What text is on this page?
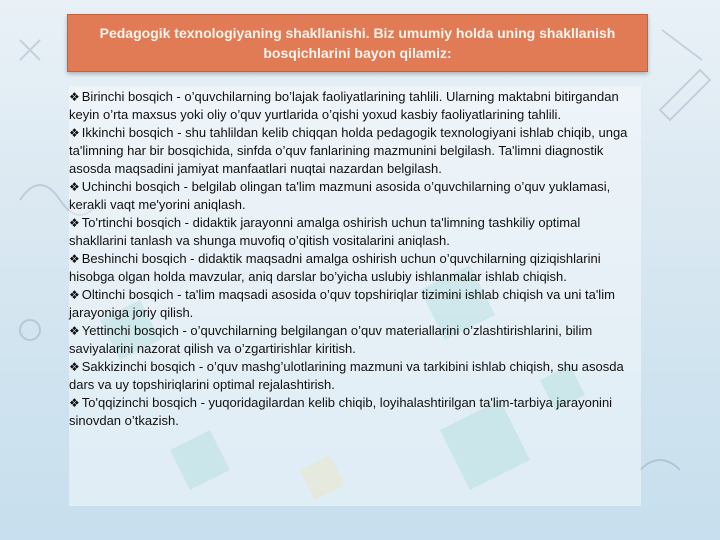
Pedagogik texnologiyaning shakllanishi. Biz umumiy holda uning shakllanish bosqichlarini bayon qilamiz:

❖ Birinchi bosqich - o’quvchilarning bo’lajak faoliyatlarining tahlili. Ularning maktabni bitirgandan keyin o’rta maxsus yoki oliy o’quv yurtlarida o’qishi yoxud kasbiy faoliyatlarining tahlili.

❖ Ikkinchi bosqich - shu tahlildan kelib chiqqan holda pedagogik texnologiyani ishlab chiqib, unga ta'limning har bir bosqichida, sinfda o’quv fanlarining mazmunini belgilash. Ta'limni diagnostik asosda maqsadini jamiyat manfaatlari nuqtai nazardan belgilash.

❖ Uchinchi bosqich - belgilab olingan ta'lim mazmuni asosida o’quvchilarning o’quv yuklamasi, kerakli vaqt me'yorini aniqlash.

❖ To'rtinchi bosqich - didaktik jarayonni amalga oshirish uchun ta'limning tashkiliy optimal shakllarini tanlash va shunga muvofiq o’qitish vositalarini aniqlash.

❖ Beshinchi bosqich - didaktik maqsadni amalga oshirish uchun o’quvchilarning qiziqishlarini hisobga olgan holda mavzular, aniq darslar bo’yicha uslubiy ishlanmalar ishlab chiqish.

❖ Oltinchi bosqich - ta'lim maqsadi asosida o’quv topshiriqlar tizimini ishlab chiqish va uni ta'lim jarayoniga joriy qilish.

❖ Yettinchi bosqich - o’quvchilarning belgilangan o’quv materiallarini o’zlashtirishlarini, bilim saviyalarini nazorat qilish va o’zgartirishlar kiritish.

❖ Sakkizinchi bosqich - o’quv mashg’ulotlarining mazmuni va tarkibini ishlab chiqish, shu asosda dars va uy topshiriqlarini optimal rejalashtirish.

❖ To'qqizinchi bosqich - yuqoridagilardan kelib chiqib, loyihalashtirilgan ta'lim-tarbiya jarayonini sinovdan o’tkazish.
